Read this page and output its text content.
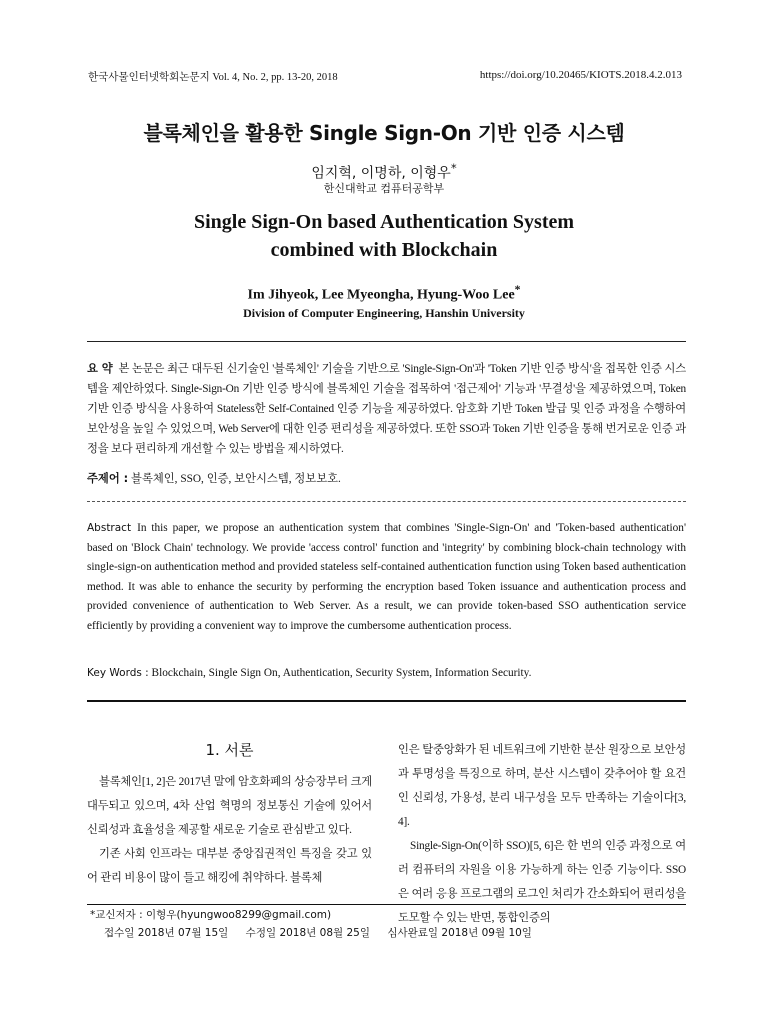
한국사물인터넷학회논문지 Vol. 4, No. 2, pp. 13-20, 2018	https://doi.org/10.20465/KIOTS.2018.4.2.013
블록체인을 활용한 Single Sign-On 기반 인증 시스템
임지혁, 이명하, 이형우*
한신대학교 컴퓨터공학부
Single Sign-On based Authentication System
combined with Blockchain
Im Jihyeok, Lee Myeongha, Hyung-Woo Lee*
Division of Computer Engineering, Hanshin University
요 약 본 논문은 최근 대두된 신기술인 '블록체인' 기술을 기반으로 'Single-Sign-On'과 'Token 기반 인증 방식'을 접목한 인증 시스템을 제안하였다. Single-Sign-On 기반 인증 방식에 블록체인 기술을 접목하여 '접근제어' 기능과 '무결성'을 제공하였으며, Token 기반 인증 방식을 사용하여 Stateless한 Self-Contained 인증 기능을 제공하였다. 암호화 기반 Token 발급 및 인증 과정을 수행하여 보안성을 높일 수 있었으며, Web Server에 대한 인증 편리성을 제공하였다. 또한 SSO과 Token 기반 인증을 통해 번거로운 인증 과정을 보다 편리하게 개선할 수 있는 방법을 제시하였다.
주제어 : 블록체인, SSO, 인증, 보안시스템, 정보보호.
Abstract In this paper, we propose an authentication system that combines 'Single-Sign-On' and 'Token-based authentication' based on 'Block Chain' technology. We provide 'access control' function and 'integrity' by combining block-chain technology with single-sign-on authentication method and provided stateless self-contained authentication function using Token based authentication method. It was able to enhance the security by performing the encryption based Token issuance and authentication process and provided convenience of authentication to Web Server. As a result, we can provide token-based SSO authentication service efficiently by providing a convenient way to improve the cumbersome authentication process.
Key Words : Blockchain, Single Sign On, Authentication, Security System, Information Security.
1. 서론

블록체인[1, 2]은 2017년 말에 암호화폐의 상승장부터 크게 대두되고 있으며, 4차 산업 혁명의 정보통신 기술에 있어서 신뢰성과 효율성을 제공할 새로운 기술로 관심받고 있다.

기존 사회 인프라는 대부분 중앙집권적인 특징을 갖고 있어 관리 비용이 많이 들고 해킹에 취약하다. 블록체

인은 탈중앙화가 된 네트워크에 기반한 분산 원장으로 보안성과 투명성을 특징으로 하며, 분산 시스템이 갖추어야 할 요건인 신뢰성, 가용성, 분리 내구성을 모두 만족하는 기술이다[3, 4].

Single-Sign-On(이하 SSO)[5, 6]은 한 번의 인증 과정으로 여러 컴퓨터의 자원을 이용 가능하게 하는 인증 기능이다. SSO은 여러 응용 프로그램의 로그인 처리가 간소화되어 편리성을 도모할 수 있는 반면, 통합인증의

*교신저자 : 이형우(hyungwoo8299@gmail.com)
접수일 2018년 07월 15일 수정일 2018년 08월 25일 심사완료일 2018년 09월 10일
